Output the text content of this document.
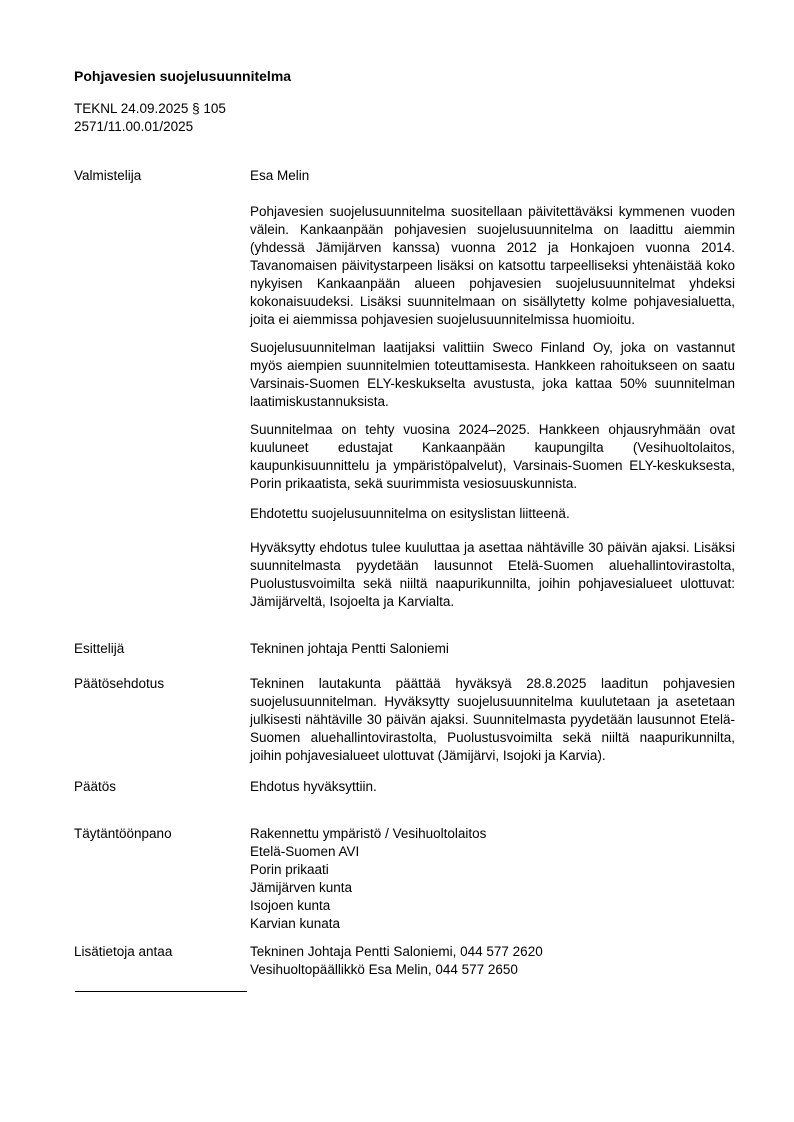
Pohjavesien suojelusuunnitelma
TEKNL 24.09.2025 § 105
2571/11.00.01/2025
Valmistelija	Esa Melin

Pohjavesien suojelusuunnitelma suositellaan päivitettäväksi kymmenen vuoden välein. Kankaanpään pohjavesien suojelusuunnitelma on laadittu aiemmin (yhdessä Jämijärven kanssa) vuonna 2012 ja Honkajoen vuonna 2014. Tavanomaisen päivitystarpeen lisäksi on katsottu tarpeelliseksi yhtenäistää koko nykyisen Kankaanpään alueen pohjavesien suojelusuunnitelmat yhdeksi kokonaisuudeksi. Lisäksi suunnitelmaan on sisällytetty kolme pohjavesialuetta, joita ei aiemmissa pohjavesien suojelusuunnitelmissa huomioitu.

Suojelusuunnitelman laatijaksi valittiin Sweco Finland Oy, joka on vastannut myös aiempien suunnitelmien toteuttamisesta. Hankkeen rahoitukseen on saatu Varsinais-Suomen ELY-keskukselta avustusta, joka kattaa 50% suunnitelman laatimiskustannuksista.

Suunnitelmaa on tehty vuosina 2024–2025. Hankkeen ohjausryhmään ovat kuuluneet edustajat Kankaanpään kaupungilta (Vesihuoltolaitos, kaupunkisuunnittelu ja ympäristöpalvelut), Varsinais-Suomen ELY-keskuksesta, Porin prikaatista, sekä suurimmista vesiosuuskunnista.

Ehdotettu suojelusuunnitelma on esityslistan liitteenä.

Hyväksytty ehdotus tulee kuuluttaa ja asettaa nähtäville 30 päivän ajaksi. Lisäksi suunnitelmasta pyydetään lausunnot Etelä-Suomen aluehallintovirastolta, Puolustusvoimilta sekä niiltä naapurikunnilta, joihin pohjavesialueet ulottuvat: Jämijärveltä, Isojoelta ja Karvialta.

Esittelijä	Tekninen johtaja Pentti Saloniemi

Päätösehdotus	Tekninen lautakunta päättää hyväksyä 28.8.2025 laaditun pohjavesien suojelusuunnitelman. Hyväksytty suojelusuunnitelma kuulutetaan ja asetetaan julkisesti nähtäville 30 päivän ajaksi. Suunnitelmasta pyydetään lausunnot Etelä-Suomen aluehallintovirastolta, Puolustusvoimilta sekä niiltä naapurikunnilta, joihin pohjavesialueet ulottuvat (Jämijärvi, Isojoki ja Karvia).

Päätös	Ehdotus hyväksyttiin.

Täytäntöönpano	Rakennettu ympäristö / Vesihuoltolaitos
Etelä-Suomen AVI
Porin prikaati
Jämijärven kunta
Isojoen kunta
Karvian kunata
Lisätietoja antaa	Tekninen Johtaja Pentti Saloniemi, 044 577 2620
Vesihuoltopäällikkö Esa Melin, 044 577 2650
